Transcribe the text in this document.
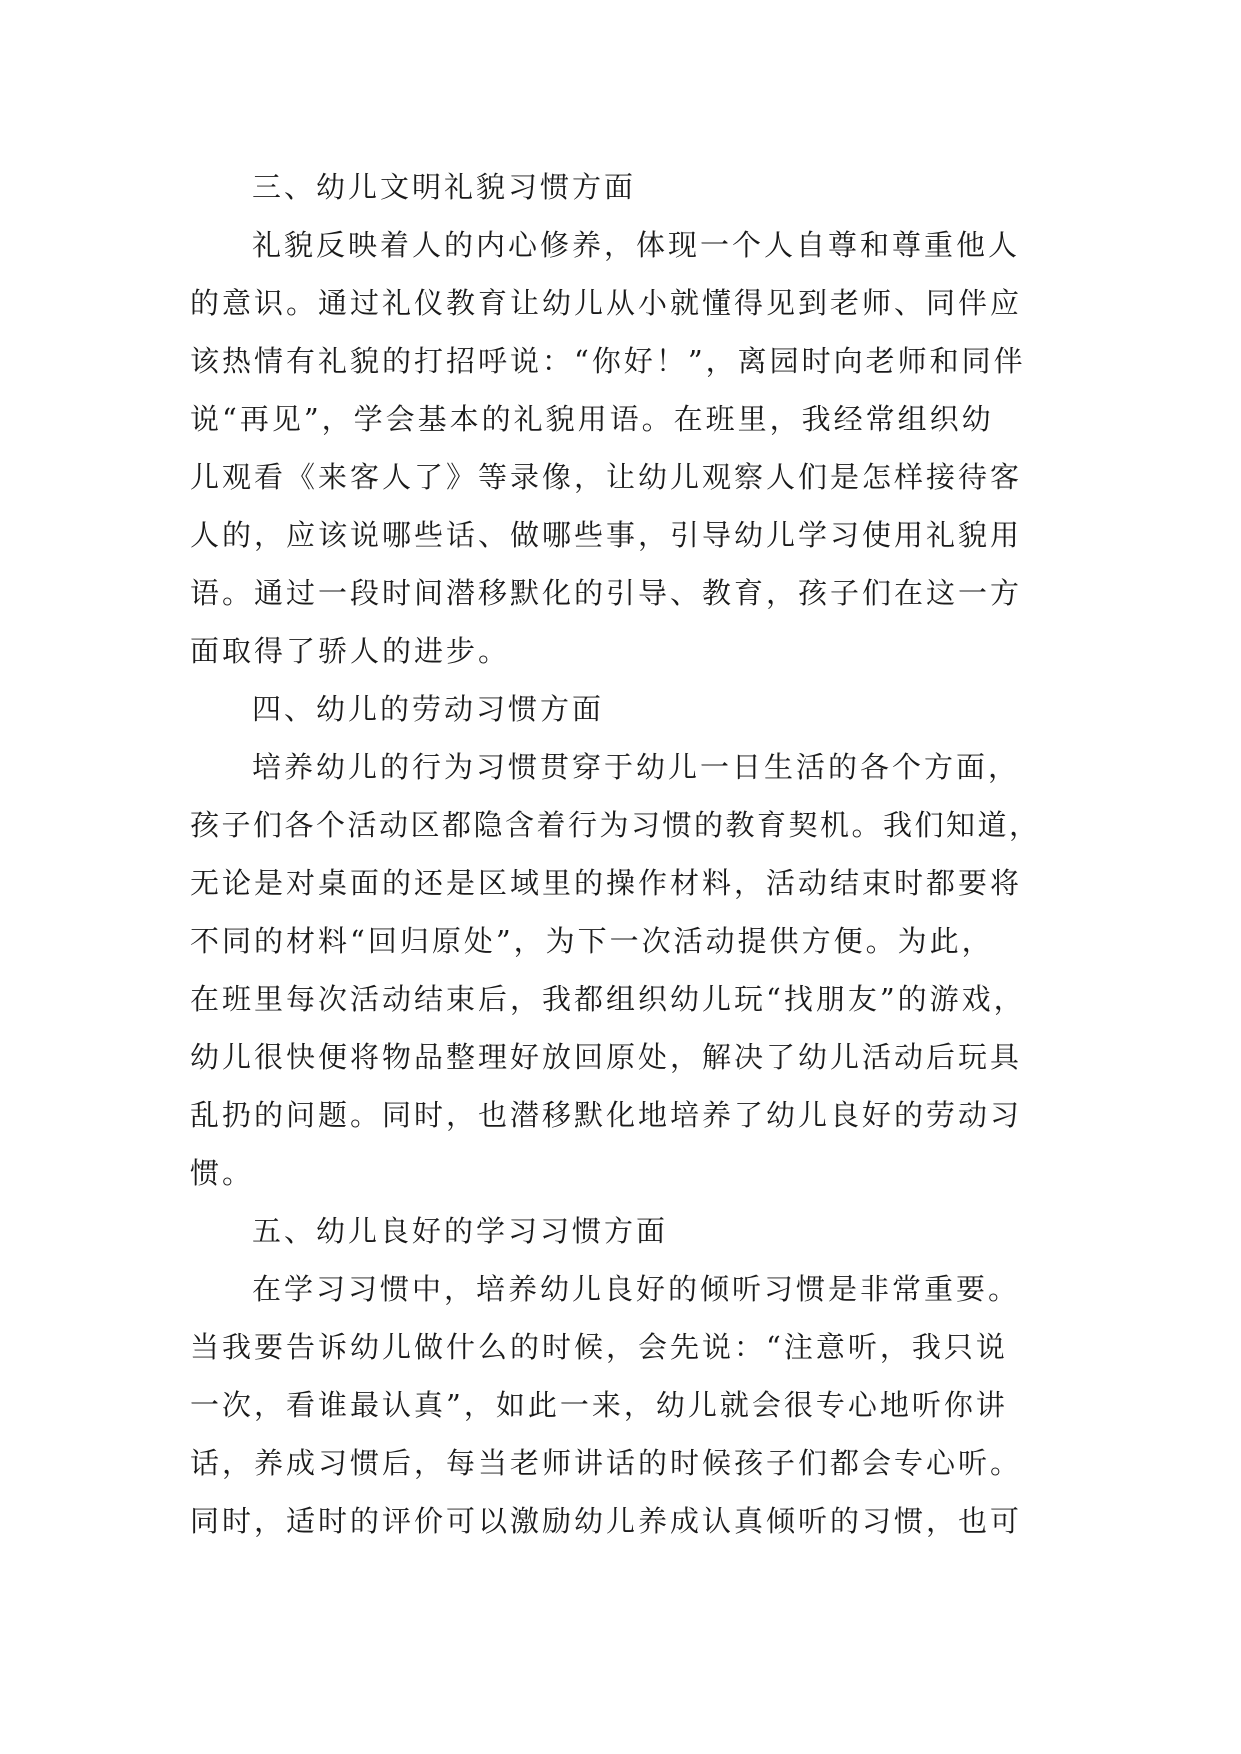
三、幼儿文明礼貌习惯方面
礼貌反映着人的内心修养，体现一个人自尊和尊重他人
的意识。通过礼仪教育让幼儿从小就懂得见到老师、同伴应
该热情有礼貌的打招呼说：“你好！”，离园时向老师和同伴
说“再见”，学会基本的礼貌用语。在班里，我经常组织幼
儿观看《来客人了》等录像，让幼儿观察人们是怎样接待客
人的，应该说哪些话、做哪些事，引导幼儿学习使用礼貌用
语。通过一段时间潜移默化的引导、教育，孩子们在这一方
面取得了骄人的进步。
四、幼儿的劳动习惯方面
培养幼儿的行为习惯贯穿于幼儿一日生活的各个方面，
孩子们各个活动区都隐含着行为习惯的教育契机。我们知道，
无论是对桌面的还是区域里的操作材料，活动结束时都要将
不同的材料“回归原处”，为下一次活动提供方便。为此，
在班里每次活动结束后，我都组织幼儿玩“找朋友”的游戏，
幼儿很快便将物品整理好放回原处，解决了幼儿活动后玩具
乱扔的问题。同时，也潜移默化地培养了幼儿良好的劳动习
惯。
五、幼儿良好的学习习惯方面
在学习习惯中，培养幼儿良好的倾听习惯是非常重要。
当我要告诉幼儿做什么的时候，会先说：“注意听，我只说
一次，看谁最认真”，如此一来，幼儿就会很专心地听你讲
话，养成习惯后，每当老师讲话的时候孩子们都会专心听。
同时，适时的评价可以激励幼儿养成认真倾听的习惯，也可
